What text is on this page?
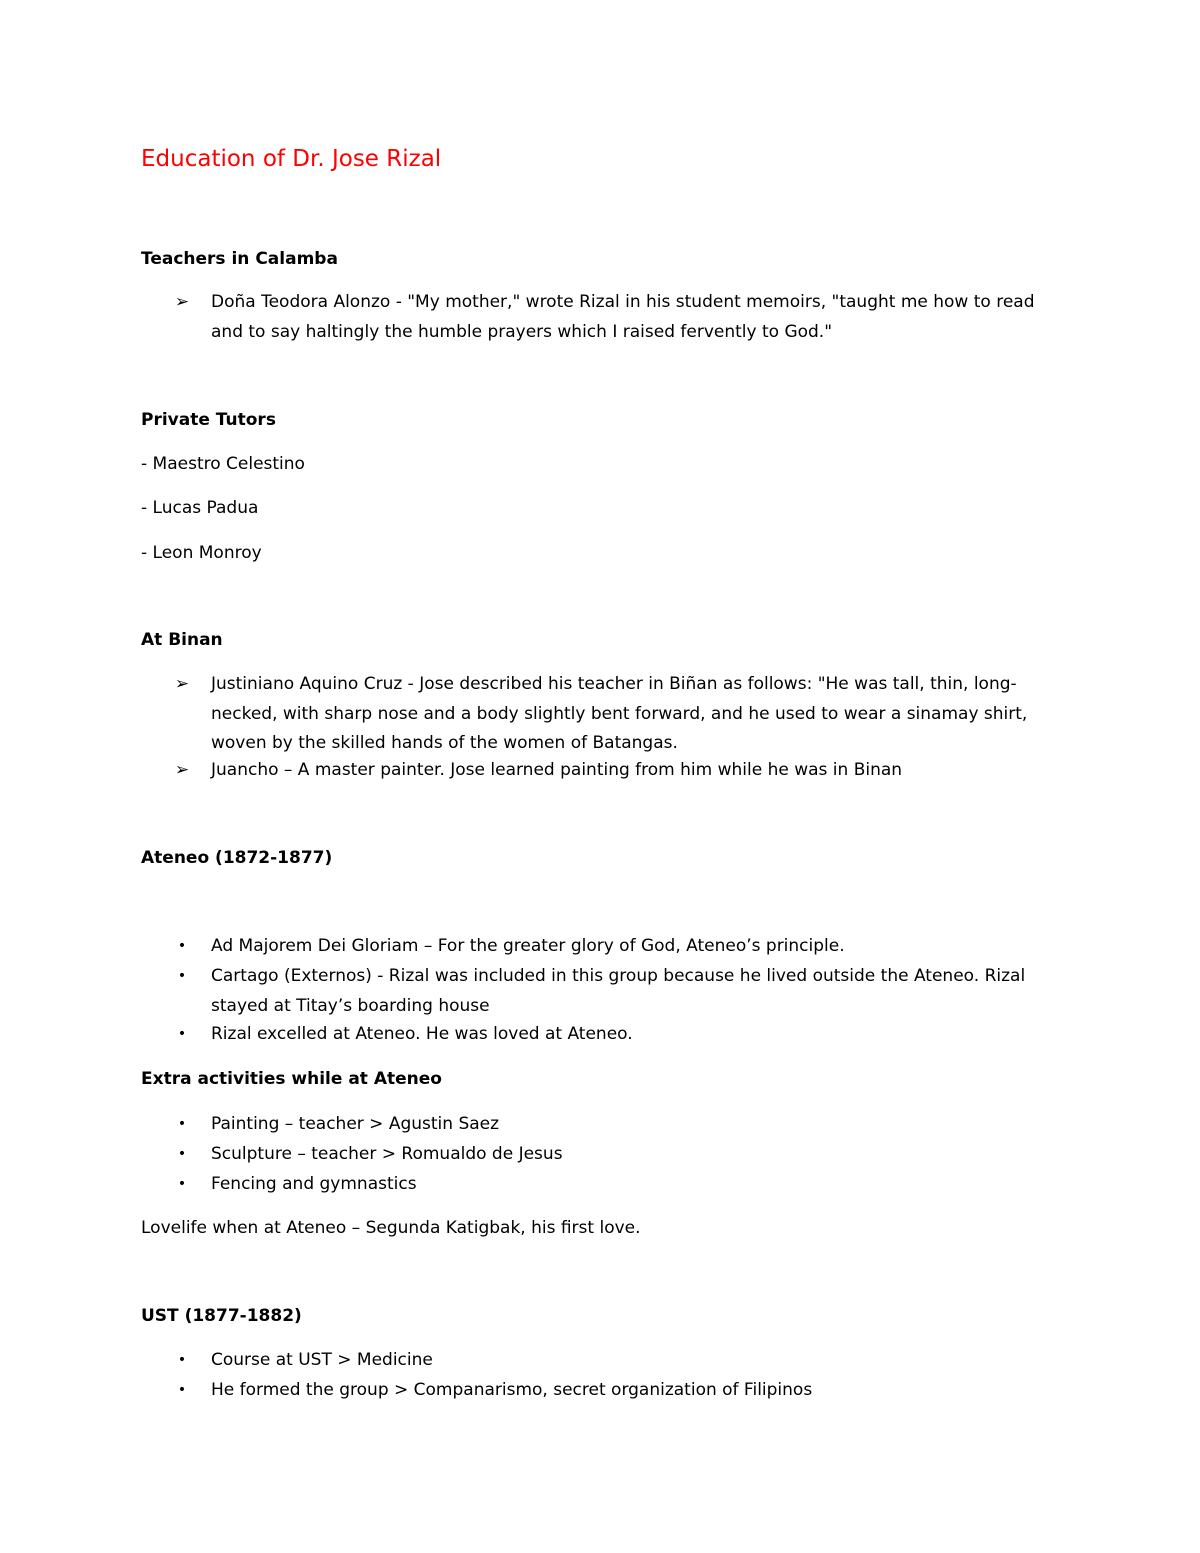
Education of Dr. Jose Rizal
Teachers in Calamba
➢ Doña Teodora Alonzo - "My mother," wrote Rizal in his student memoirs, "taught me how to read and to say haltingly the humble prayers which I raised fervently to God."
Private Tutors

- Maestro Celestino

- Lucas Padua

- Leon Monroy

At Binan
➢ Justiniano Aquino Cruz - Jose described his teacher in Biñan as follows: "He was tall, thin, long-necked, with sharp nose and a body slightly bent forward, and he used to wear a sinamay shirt, woven by the skilled hands of the women of Batangas.
➢ Juancho – A master painter. Jose learned painting from him while he was in Binan
Ateneo (1872-1877)
•	Ad Majorem Dei Gloriam – For the greater glory of God, Ateneo’s principle.
•	Cartago (Externos) - Rizal was included in this group because he lived outside the Ateneo. Rizal stayed at Titay’s boarding house
•	Rizal excelled at Ateneo. He was loved at Ateneo.
Extra activities while at Ateneo
•	Painting – teacher > Agustin Saez
•	Sculpture – teacher > Romualdo de Jesus
•	Fencing and gymnastics

Lovelife when at Ateneo – Segunda Katigbak, his first love.

UST (1877-1882)
•	Course at UST > Medicine
•	He formed the group > Companarismo, secret organization of Filipinos
